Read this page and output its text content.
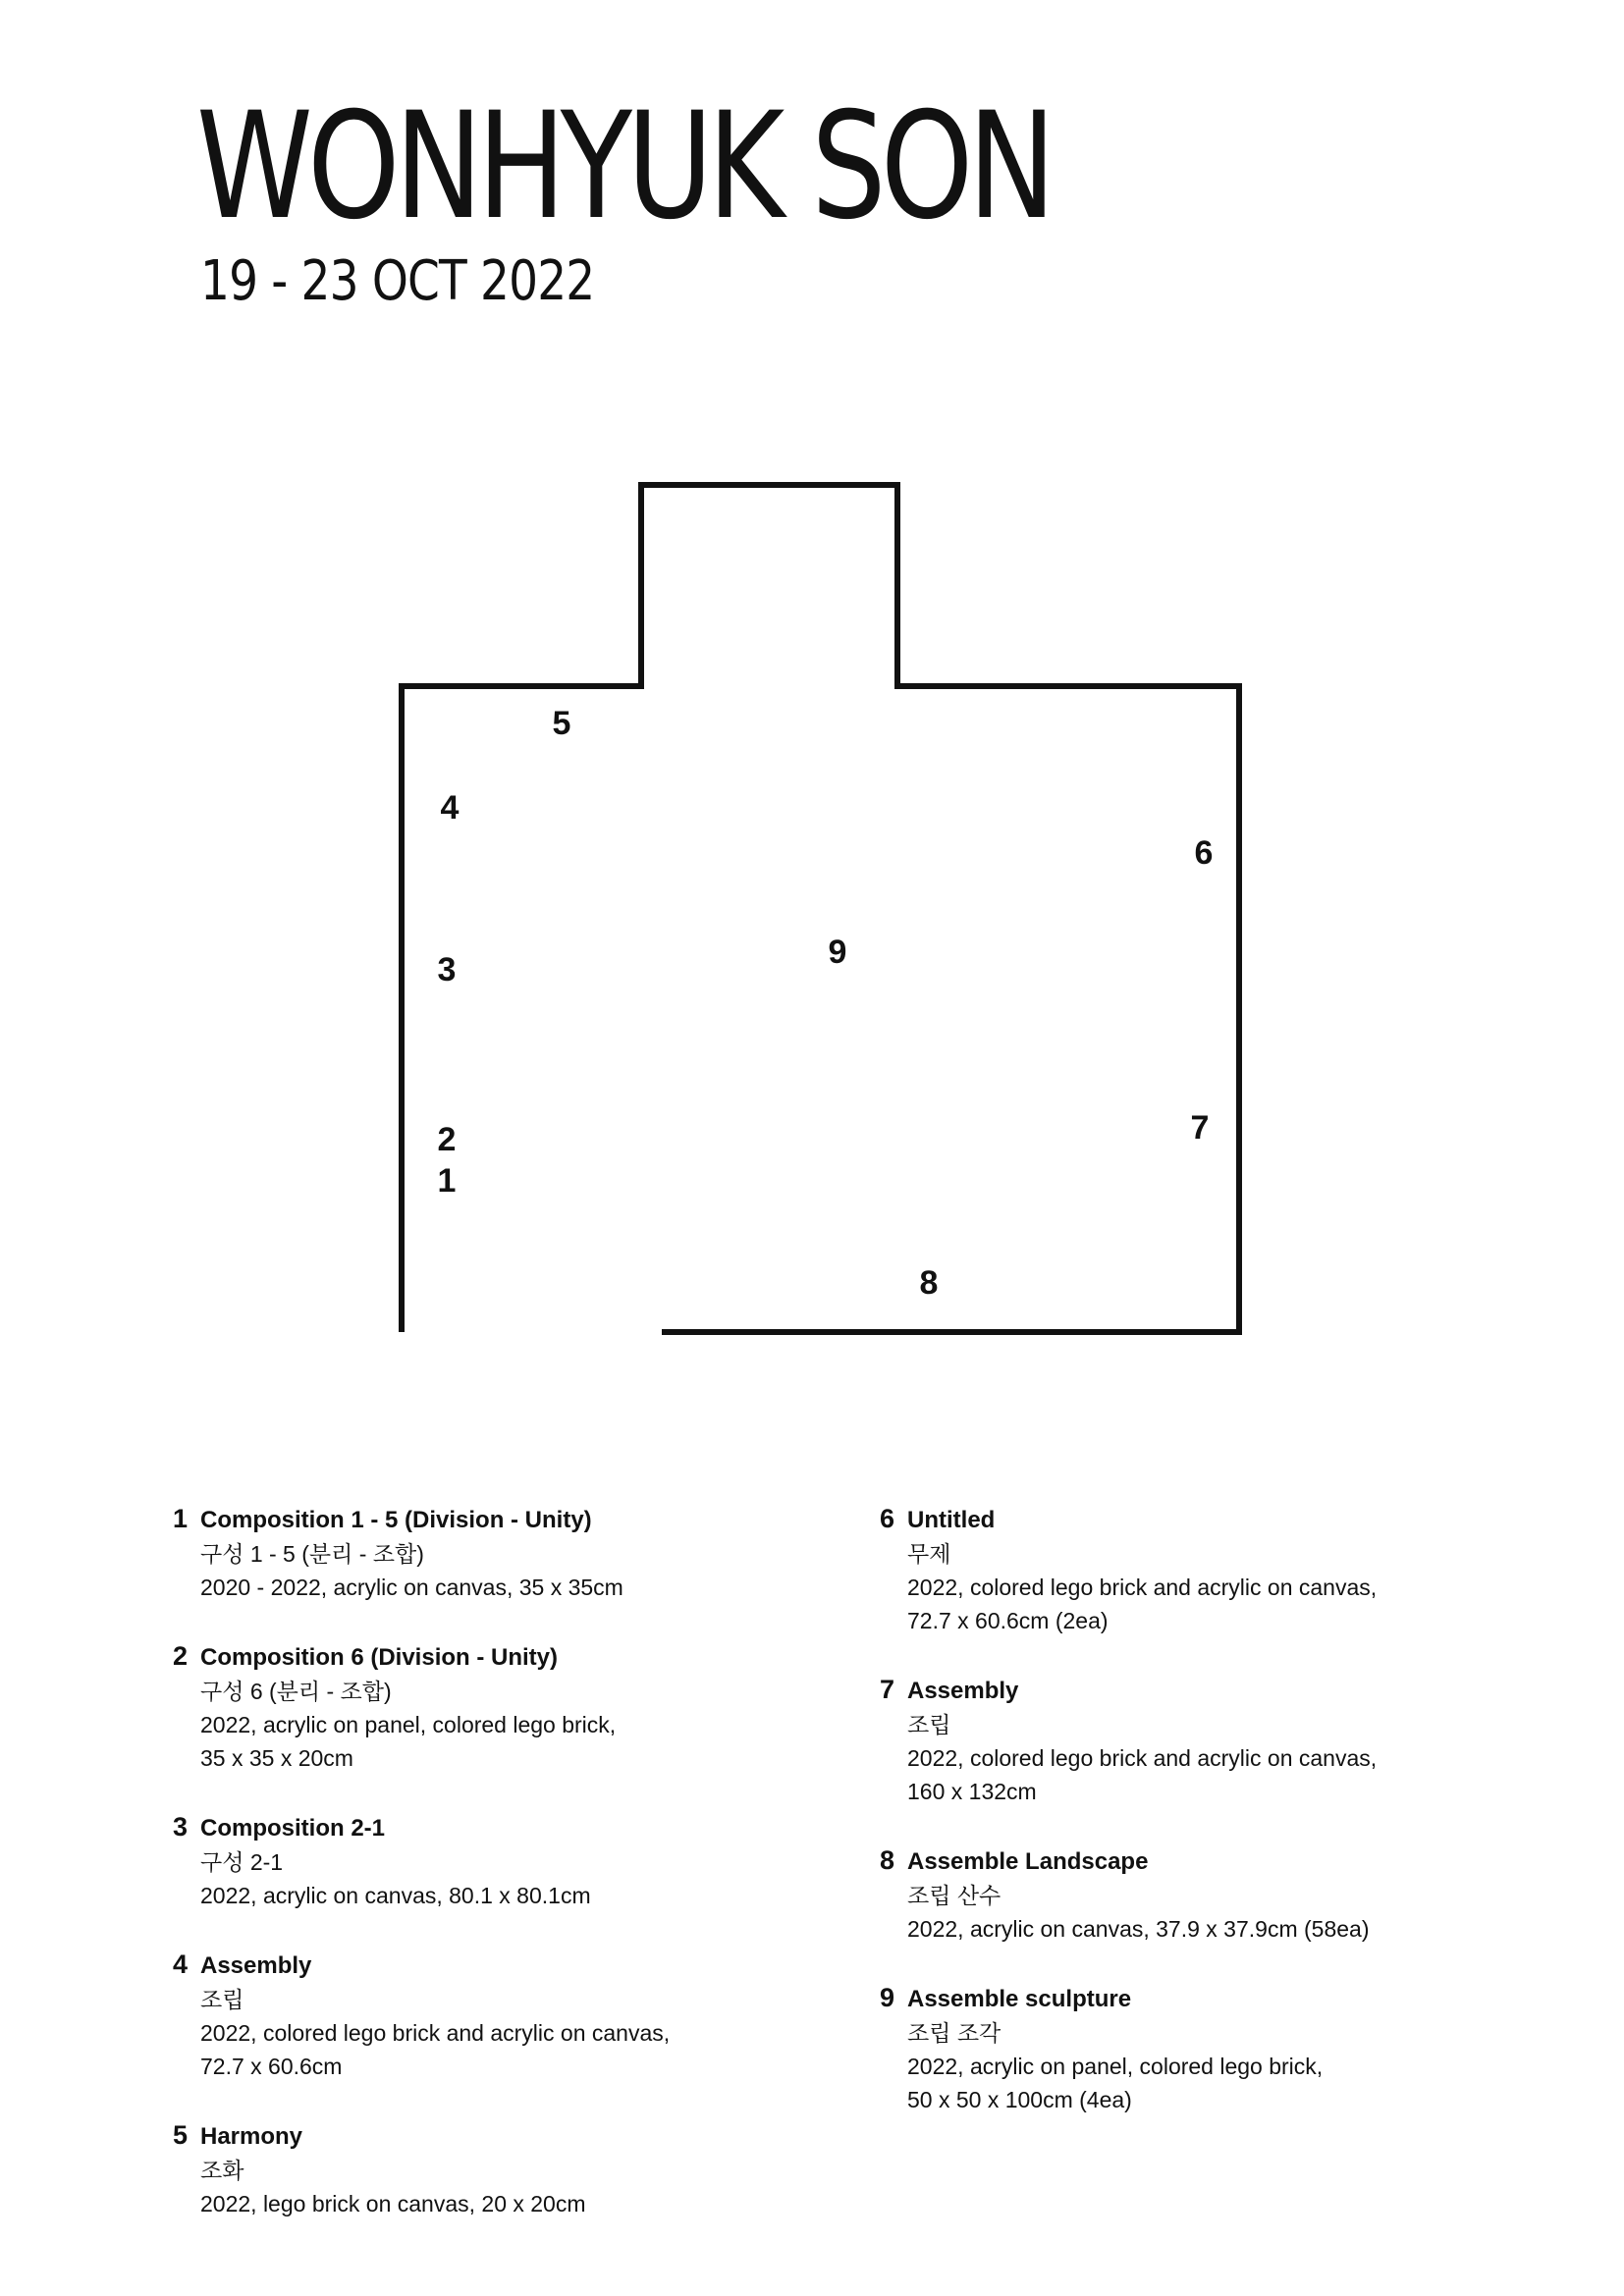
WONHYUK SON
19 - 23 OCT 2022
1
2
3
4
5
6
7
8
9
1 Composition 1 - 5 (Division - Unity)
구성 1 - 5 (분리 - 조합)
2020 - 2022, acrylic on canvas, 35 x 35cm
2 Composition 6 (Division - Unity)
구성 6 (분리 - 조합)
2022, acrylic on panel, colored lego brick,
35 x 35 x 20cm
3 Composition 2-1
구성 2-1
2022, acrylic on canvas, 80.1 x 80.1cm
4 Assembly
조립
2022, colored lego brick and acrylic on canvas,
72.7 x 60.6cm
5 Harmony
조화
2022, lego brick on canvas, 20 x 20cm
6 Untitled
무제
2022, colored lego brick and acrylic on canvas,
72.7 x 60.6cm (2ea)
7 Assembly
조립
2022, colored lego brick and acrylic on canvas,
160 x 132cm
8 Assemble Landscape
조립 산수
2022, acrylic on canvas, 37.9 x 37.9cm (58ea)
9 Assemble sculpture
조립 조각
2022, acrylic on panel, colored lego brick,
50 x 50 x 100cm (4ea)
